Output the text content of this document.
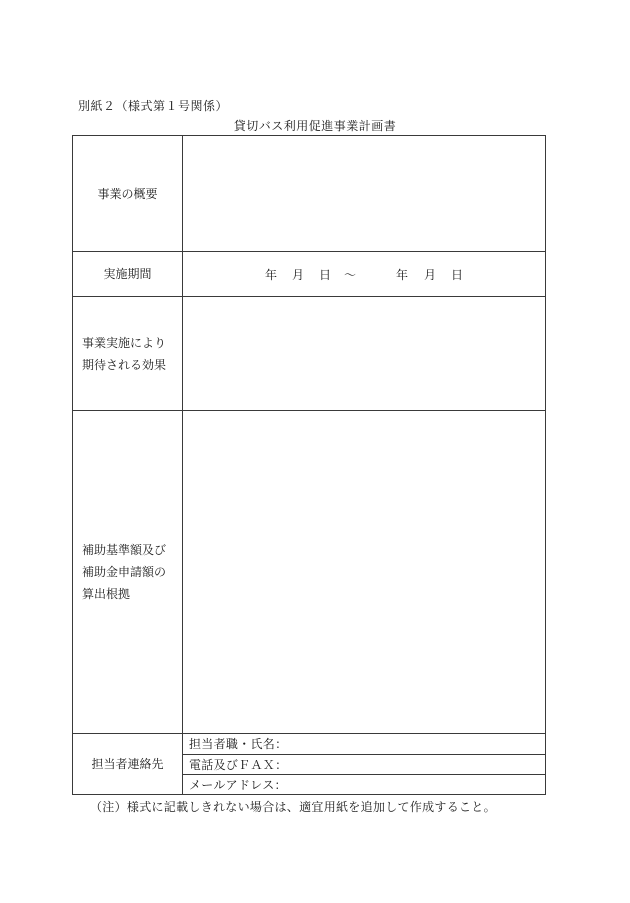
別紙２（様式第１号関係）
貸切バス利用促進事業計画書
事業の概要
実施期間	年 月 日 ～	年 月 日
事業実施により
期待される効果
補助基準額及び
補助金申請額の
算出根拠
担当者連絡先
担当者職・氏名：
電話及びＦＡＸ：
メールアドレス：
（注）様式に記載しきれない場合は、適宜用紙を追加して作成すること。
